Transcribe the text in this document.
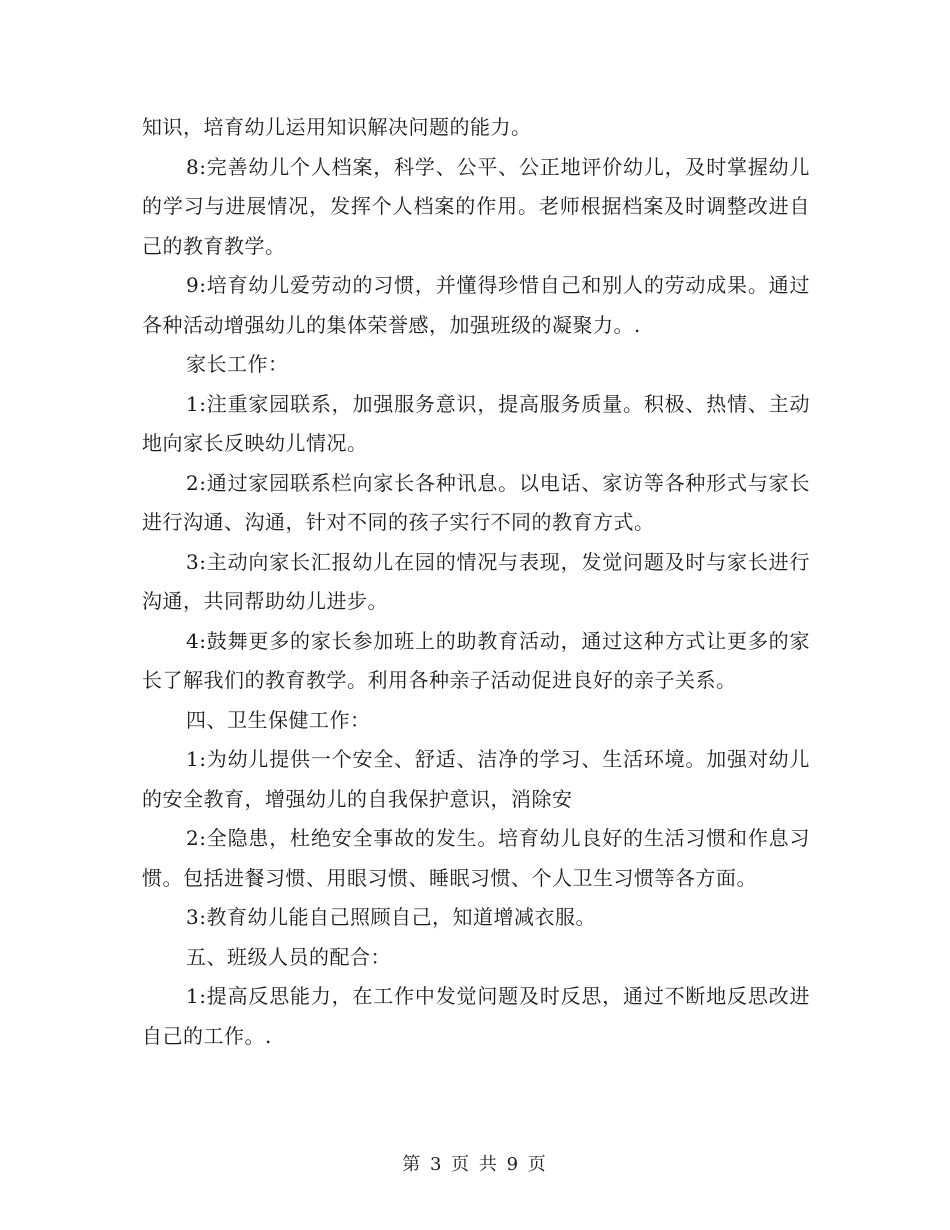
知识，培育幼儿运用知识解决问题的能力。

8:完善幼儿个人档案，科学、公平、公正地评价幼儿，及时掌握幼儿的学习与进展情况，发挥个人档案的作用。老师根据档案及时调整改进自己的教育教学。

9:培育幼儿爱劳动的习惯，并懂得珍惜自己和别人的劳动成果。通过各种活动增强幼儿的集体荣誉感，加强班级的凝聚力。.

家长工作：

1:注重家园联系，加强服务意识，提高服务质量。积极、热情、主动地向家长反映幼儿情况。

2:通过家园联系栏向家长各种讯息。以电话、家访等各种形式与家长进行沟通、沟通，针对不同的孩子实行不同的教育方式。

3:主动向家长汇报幼儿在园的情况与表现，发觉问题及时与家长进行沟通，共同帮助幼儿进步。

4:鼓舞更多的家长参加班上的助教育活动，通过这种方式让更多的家长了解我们的教育教学。利用各种亲子活动促进良好的亲子关系。

四、卫生保健工作：

1:为幼儿提供一个安全、舒适、洁净的学习、生活环境。加强对幼儿的安全教育，增强幼儿的自我保护意识，消除安

2:全隐患，杜绝安全事故的发生。培育幼儿良好的生活习惯和作息习惯。包括进餐习惯、用眼习惯、睡眠习惯、个人卫生习惯等各方面。

3:教育幼儿能自己照顾自己，知道增减衣服。

五、班级人员的配合：

1:提高反思能力，在工作中发觉问题及时反思，通过不断地反思改进自己的工作。.

第 3 页 共 9 页
